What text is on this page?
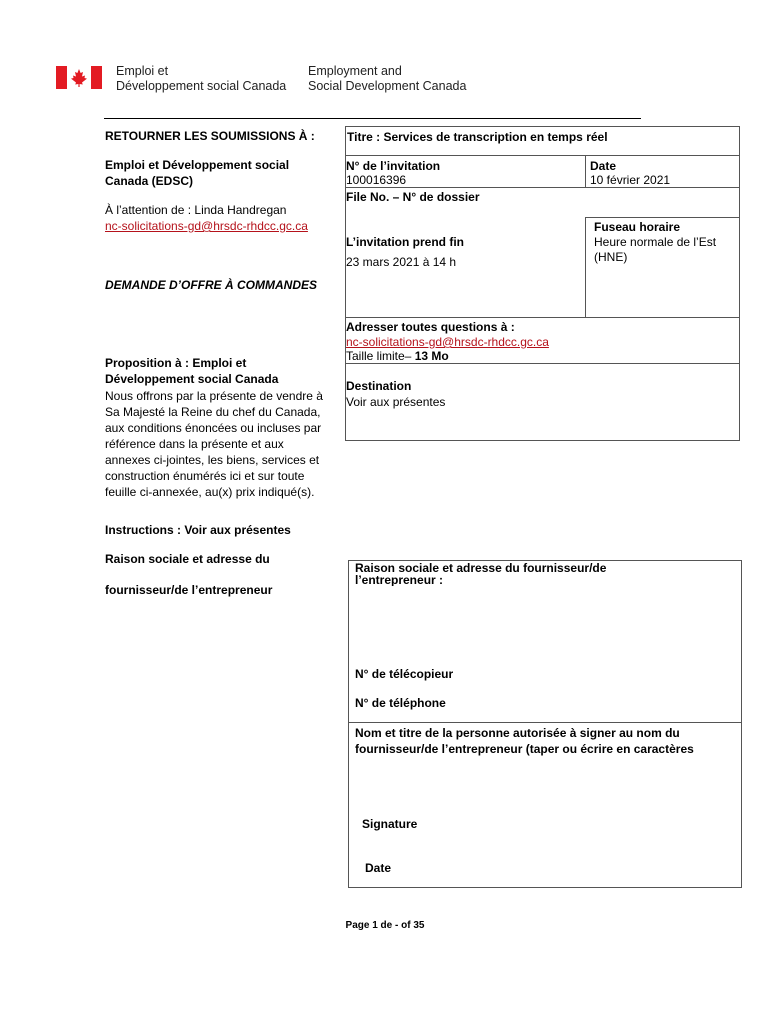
Emploi et
Développement social Canada
Employment and
Social Development Canada
RETOURNER LES SOUMISSIONS À :
Emploi et Développement social
Canada (EDSC)
À l’attention de : Linda Handregan
nc-solicitations-gd@hrsdc-rhdcc.gc.ca
DEMANDE D’OFFRE À COMMANDES
Proposition à : Emploi et
Développement social Canada
Nous offrons par la présente de vendre à
Sa Majesté la Reine du chef du Canada,
aux conditions énoncées ou incluses par
référence dans la présente et aux
annexes ci-jointes, les biens, services et
construction énumérés ici et sur toute
feuille ci-annexée, au(x) prix indiqué(s).
Instructions : Voir aux présentes
Raison sociale et adresse du
fournisseur/de l’entrepreneur
Titre : Services de transcription en temps réel
N° de l’invitation
100016396
Date
10 février 2021
File No. – N° de dossier
L’invitation prend fin
23 mars 2021 à 14 h
Fuseau horaire
Heure normale de l’Est
(HNE)
Adresser toutes questions à :
nc-solicitations-gd@hrsdc-rhdcc.gc.ca
Taille limite– 13 Mo
Destination
Voir aux présentes
Raison sociale et adresse du fournisseur/de
l’entrepreneur :
N° de télécopieur
N° de téléphone
Nom et titre de la personne autorisée à signer au nom du
fournisseur/de l’entrepreneur (taper ou écrire en caractères
Signature
Date
Page 1 de - of 35
